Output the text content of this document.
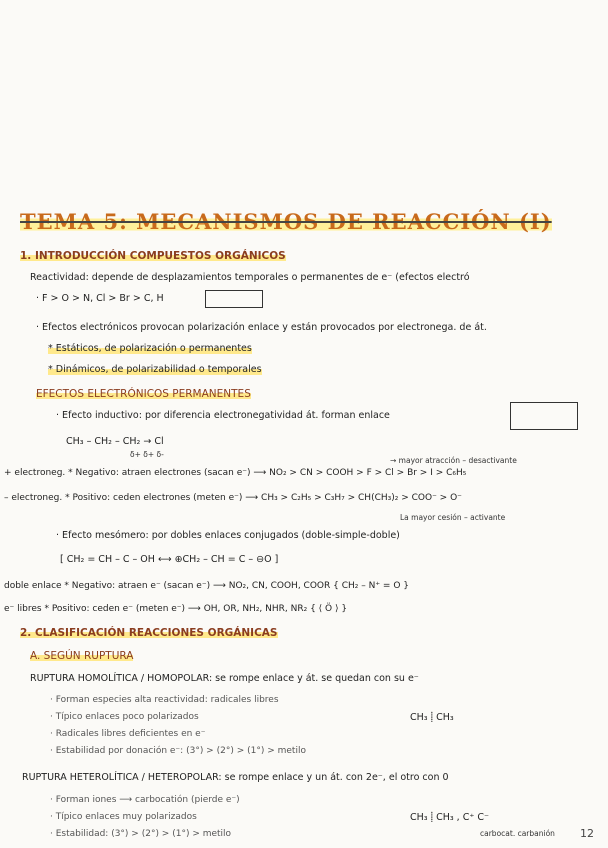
TEMA 5: MECANISMOS DE REACCIÓN (I)
1. INTRODUCCIÓN COMPUESTOS ORGÁNICOS
Reactividad: depende de desplazamientos temporales o permanentes de e⁻ (efectos electró
· F > O > N, Cl > Br > C, H
· Efectos electrónicos provocan polarización enlace y están provocados por electronega. de át.
* Estáticos, de polarización o permanentes
* Dinámicos, de polarizabilidad o temporales
EFECTOS ELECTRÓNICOS PERMANENTES
· Efecto inductivo: por diferencia electronegatividad át. forman enlace
CH₃ – CH₂ – CH₂ → Cl
δ+ δ+ δ-
→ mayor atracción – desactivante
+ electroneg. * Negativo: atraen electrones (sacan e⁻) ⟶ NO₂ > CN > COOH > F > Cl > Br > I > C₆H₅
– electroneg. * Positivo: ceden electrones (meten e⁻) ⟶ CH₃ > C₂H₅ > C₃H₇ > CH(CH₃)₂ > COO⁻ > O⁻
La mayor cesión – activante
· Efecto mesómero: por dobles enlaces conjugados (doble-simple-doble)
[ CH₂ = CH – C – OH ⟷ ⊕CH₂ – CH = C – ⊖O ]
doble enlace * Negativo: atraen e⁻ (sacan e⁻) ⟶ NO₂, CN, COOH, COOR { CH₂ – N⁺ = O }
e⁻ libres * Positivo: ceden e⁻ (meten e⁻) ⟶ OH, OR, NH₂, NHR, NR₂ { ⟨ Ö ⟩ }
2. CLASIFICACIÓN REACCIONES ORGÁNICAS
A. SEGÚN RUPTURA
RUPTURA HOMOLÍTICA / HOMOPOLAR: se rompe enlace y át. se quedan con su e⁻
· Forman especies alta reactividad: radicales libres
· Típico enlaces poco polarizados
· Radicales libres deficientes en e⁻
· Estabilidad por donación e⁻: (3°) > (2°) > (1°) > metilo
CH₃ ⸽ CH₃
RUPTURA HETEROLÍTICA / HETEROPOLAR: se rompe enlace y un át. con 2e⁻, el otro con 0
· Forman iones ⟶ carbocatión (pierde e⁻)
· Típico enlaces muy polarizados
· Estabilidad: (3°) > (2°) > (1°) > metilo
CH₃ ⸽ CH₃ , C⁺ C⁻
carbocat. carbanión 12
